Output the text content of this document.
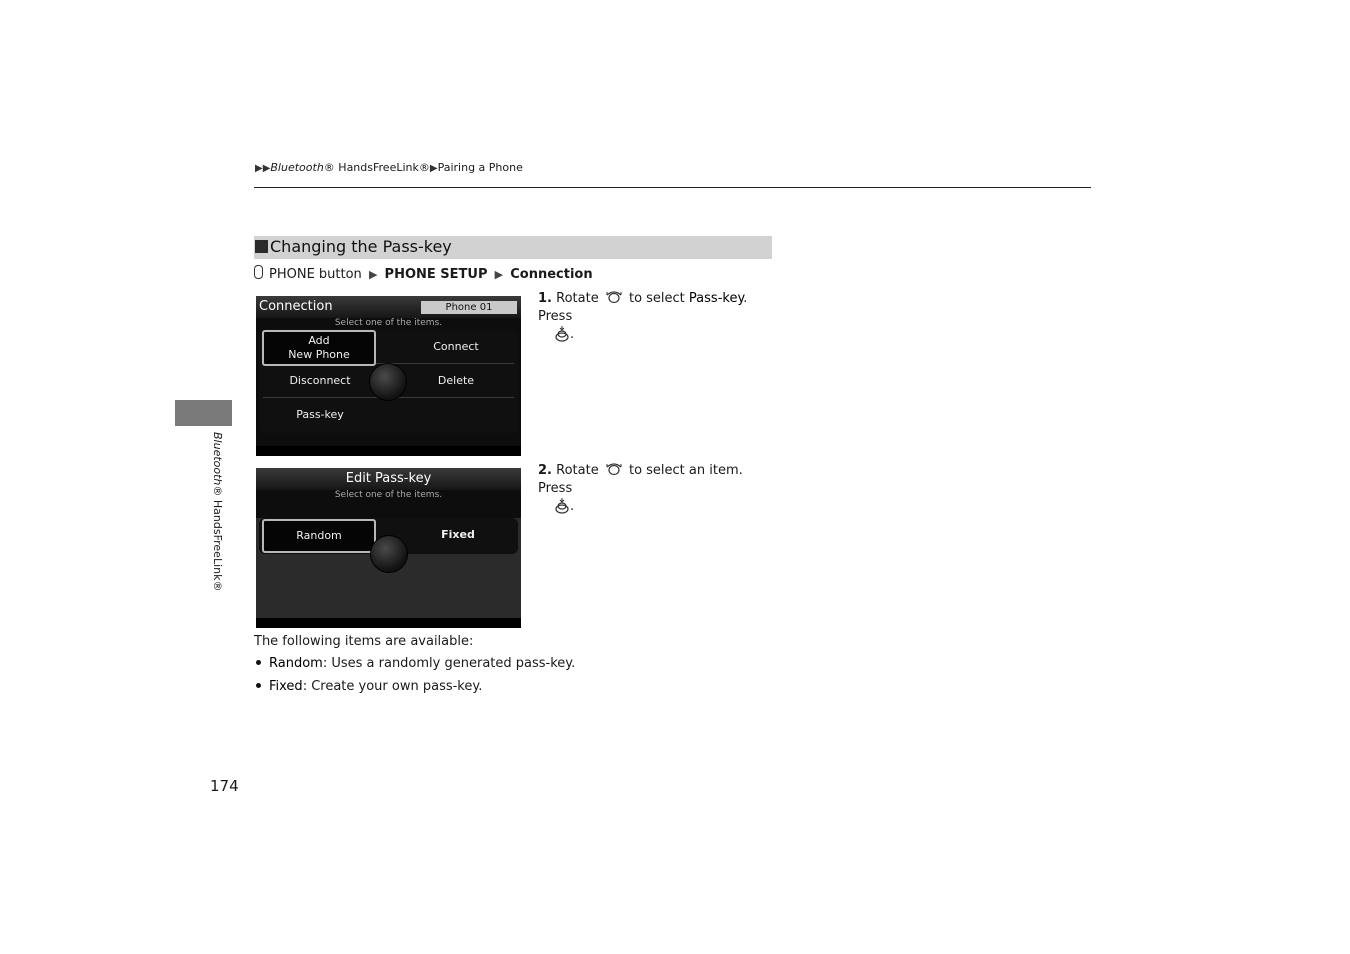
▶▶Bluetooth® HandsFreeLink®▶Pairing a Phone
Changing the Pass-key
PHONE button ▶ PHONE SETUP ▶ Connection
Connection	Phone 01
Select one of the items.
Add
New Phone
Connect
Disconnect	Delete
Pass-key
Edit Pass-key
Select one of the items.
Random	Fixed
1. Rotate to select Pass-key. Press
.
2. Rotate to select an item. Press
.
The following items are available:
Random: Uses a randomly generated pass-key.
Fixed: Create your own pass-key.
Bluetooth® HandsFreeLink®
174
